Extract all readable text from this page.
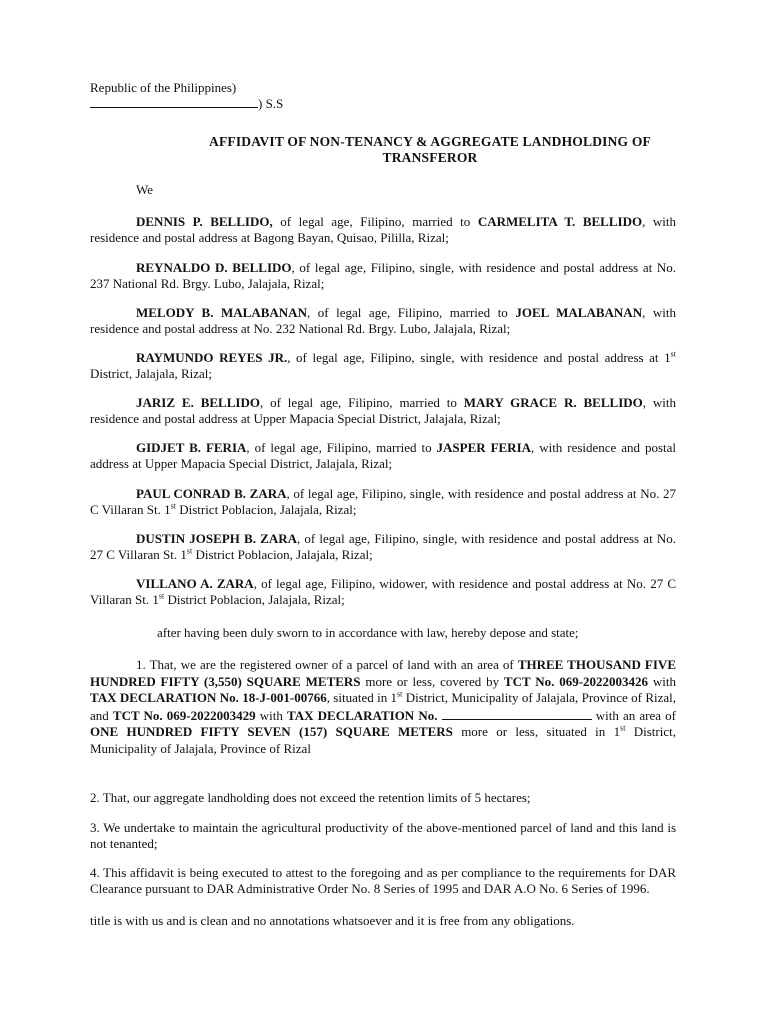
Republic of the Philippines)

) S.S

AFFIDAVIT OF NON-TENANCY & AGGREGATE LANDHOLDING OF
TRANSFEROR

We

DENNIS P. BELLIDO, of legal age, Filipino, married to CARMELITA T. BELLIDO, with residence and postal address at Bagong Bayan, Quisao, Pililla, Rizal;

REYNALDO D. BELLIDO, of legal age, Filipino, single, with residence and postal address at No. 237 National Rd. Brgy. Lubo, Jalajala, Rizal;

MELODY B. MALABANAN, of legal age, Filipino, married to JOEL MALABANAN, with residence and postal address at No. 232 National Rd. Brgy. Lubo, Jalajala, Rizal;

RAYMUNDO REYES JR., of legal age, Filipino, single, with residence and postal address at 1st District, Jalajala, Rizal;

JARIZ E. BELLIDO, of legal age, Filipino, married to MARY GRACE R. BELLIDO, with residence and postal address at Upper Mapacia Special District, Jalajala, Rizal;

GIDJET B. FERIA, of legal age, Filipino, married to JASPER FERIA, with residence and postal address at Upper Mapacia Special District, Jalajala, Rizal;

PAUL CONRAD B. ZARA, of legal age, Filipino, single, with residence and postal address at No. 27 C Villaran St. 1st District Poblacion, Jalajala, Rizal;

DUSTIN JOSEPH B. ZARA, of legal age, Filipino, single, with residence and postal address at No. 27 C Villaran St. 1st District Poblacion, Jalajala, Rizal;

VILLANO A. ZARA, of legal age, Filipino, widower, with residence and postal address at No. 27 C Villaran St. 1st District Poblacion, Jalajala, Rizal;

after having been duly sworn to in accordance with law, hereby depose and state;

1. That, we are the registered owner of a parcel of land with an area of THREE THOUSAND FIVE HUNDRED FIFTY (3,550) SQUARE METERS more or less, covered by TCT No. 069-2022003426 with TAX DECLARATION No. 18-J-001-00766, situated in 1st District, Municipality of Jalajala, Province of Rizal, and TCT No. 069-2022003429 with TAX DECLARATION No.	with an area of ONE HUNDRED FIFTY SEVEN (157) SQUARE METERS more or less, situated in 1st District, Municipality of Jalajala, Province of Rizal

2. That, our aggregate landholding does not exceed the retention limits of 5 hectares;

3. We undertake to maintain the agricultural productivity of the above-mentioned parcel of land and this land is not tenanted;

4. This affidavit is being executed to attest to the foregoing and as per compliance to the requirements for DAR Clearance pursuant to DAR Administrative Order No. 8 Series of 1995 and DAR A.O No. 6 Series of 1996.

title is with us and is clean and no annotations whatsoever and it is free from any obligations.
